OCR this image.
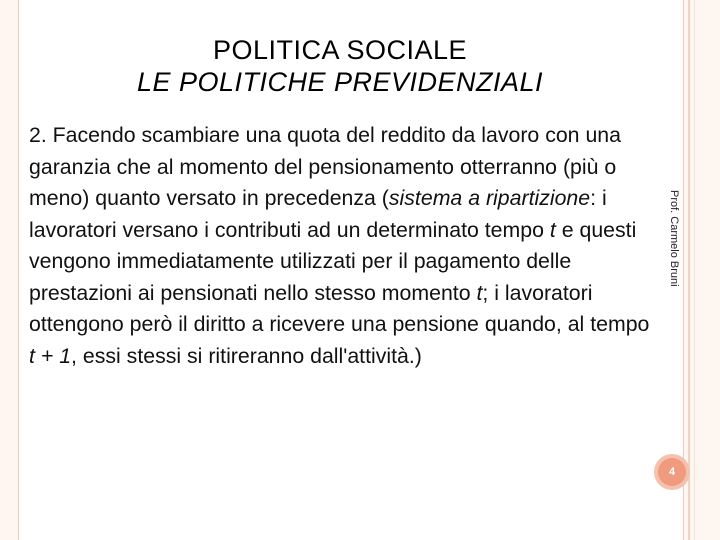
POLITICA SOCIALE
LE POLITICHE PREVIDENZIALI
2. Facendo scambiare una quota del reddito da lavoro con una garanzia che al momento del pensionamento otterranno (più o meno) quanto versato in precedenza (sistema a ripartizione: i lavoratori versano i contributi ad un determinato tempo t e questi vengono immediatamente utilizzati per il pagamento delle prestazioni ai pensionati nello stesso momento t; i lavoratori ottengono però il diritto a ricevere una pensione quando, al tempo t + 1, essi stessi si ritireranno dall'attività.)
Prof. Carmelo Bruni
4
